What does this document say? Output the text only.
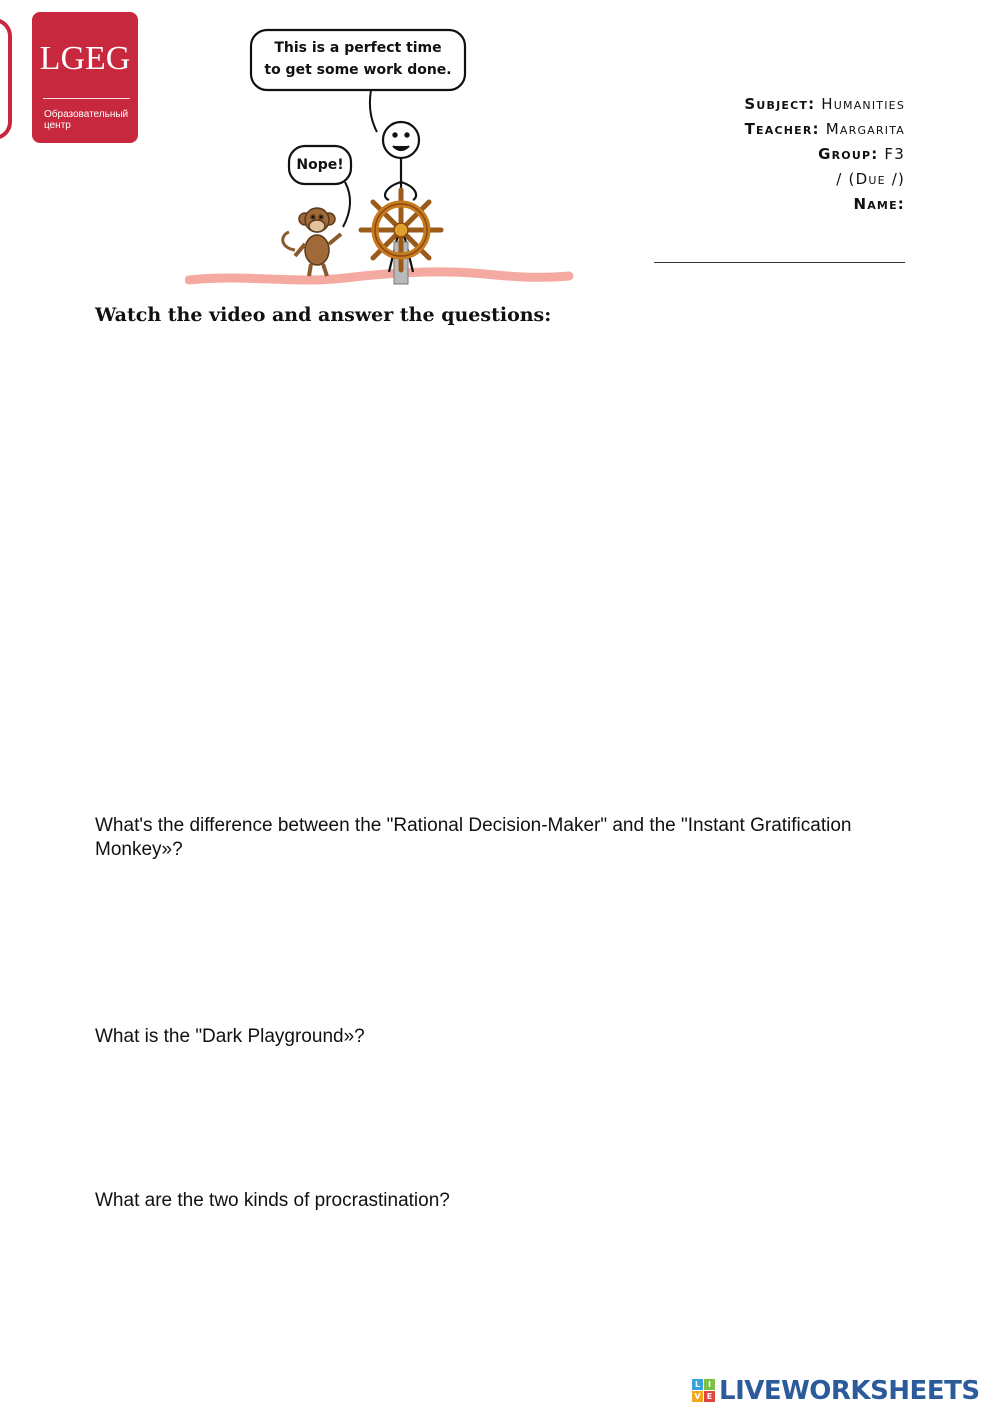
LGEG
Образовательный центр
This is a perfect time
to get some work done.
Nope!
Subject: Humanities
Teacher: Margarita
Group: F3
/ (Due /)
Name:
Watch the video and answer the questions:
What's the difference between the "Rational Decision-Maker" and the "Instant Gratification Monkey»?
What is the "Dark Playground»?
What are the two kinds of procrastination?
L I
V E LIVEWORKSHEETS
